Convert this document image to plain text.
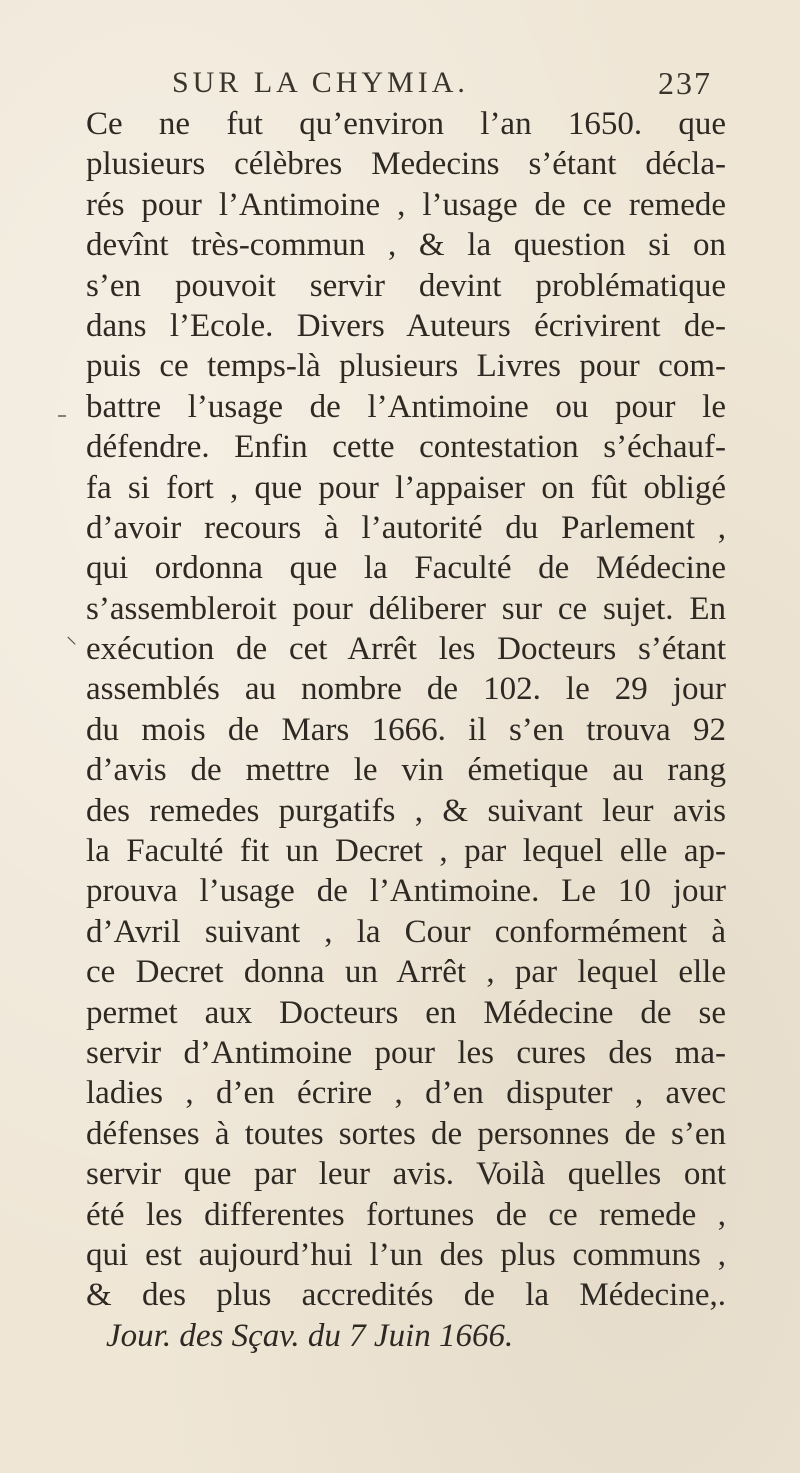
SUR LA CHYMIA.	237
⸜
Ce ne fut qu’environ l’an 1650. que
plusieurs célèbres Medecins s’étant décla-
rés pour l’Antimoine , l’usage de ce remede
devînt très-commun , & la question si on
s’en pouvoit servir devint problématique
dans l’Ecole. Divers Auteurs écrivirent de-
puis ce temps-là plusieurs Livres pour com-
battre l’usage de l’Antimoine ou pour le
défendre. Enfin cette contestation s’échauf-
fa si fort , que pour l’appaiser on fût obligé
d’avoir recours à l’autorité du Parlement ,
qui ordonna que la Faculté de Médecine
s’assembleroit pour déliberer sur ce sujet. En
exécution de cet Arrêt les Docteurs s’étant
assemblés au nombre de 102. le 29 jour
du mois de Mars 1666. il s’en trouva 92
d’avis de mettre le vin émetique au rang
des remedes purgatifs , & suivant leur avis
la Faculté fit un Decret , par lequel elle ap-
prouva l’usage de l’Antimoine. Le 10 jour
d’Avril suivant , la Cour conformément à
ce Decret donna un Arrêt , par lequel elle
permet aux Docteurs en Médecine de se
servir d’Antimoine pour les cures des ma-
ladies , d’en écrire , d’en disputer , avec
défenses à toutes sortes de personnes de s’en
servir que par leur avis. Voilà quelles ont
été les differentes fortunes de ce remede ,
qui est aujourd’hui l’un des plus communs ,
& des plus accredités de la Médecine,.
Jour. des Sçav. du 7 Juin 1666.
